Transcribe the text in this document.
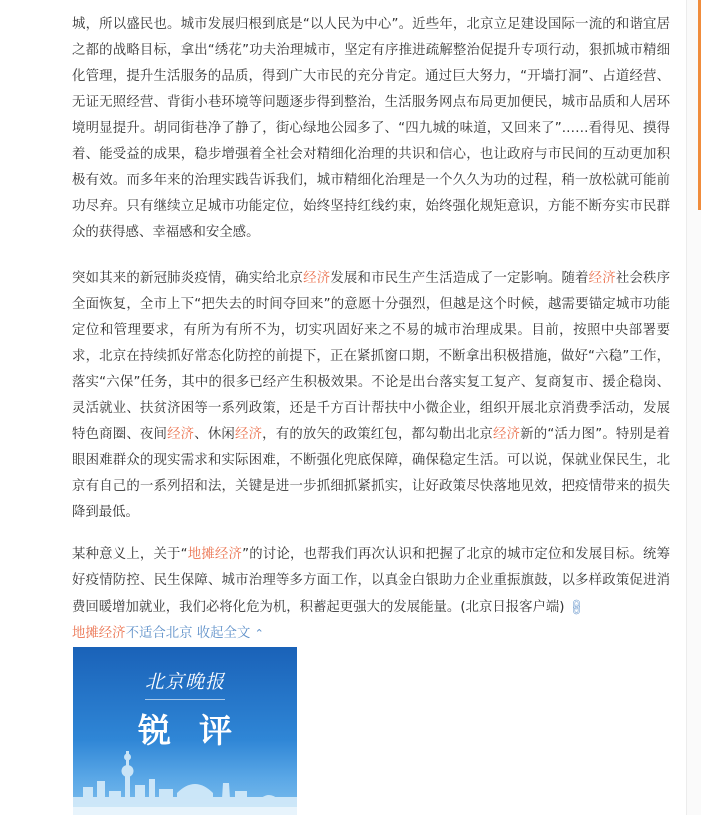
城，所以盛民也。城市发展归根到底是“以人民为中心”。近些年，北京立足建设国际一流的和谐宜居之都的战略目标，拿出“绣花”功夫治理城市，坚定有序推进疏解整治促提升专项行动，狠抓城市精细化管理，提升生活服务的品质，得到广大市民的充分肯定。通过巨大努力，“开墙打洞”、占道经营、无证无照经营、背街小巷环境等问题逐步得到整治，生活服务网点布局更加便民，城市品质和人居环境明显提升。胡同街巷净了静了，街心绿地公园多了、“四九城的味道，又回来了”……看得见、摸得着、能受益的成果，稳步增强着全社会对精细化治理的共识和信心，也让政府与市民间的互动更加积极有效。而多年来的治理实践告诉我们，城市精细化治理是一个久久为功的过程，稍一放松就可能前功尽弃。只有继续立足城市功能定位，始终坚持红线约束，始终强化规矩意识，方能不断夯实市民群众的获得感、幸福感和安全感。

突如其来的新冠肺炎疫情，确实给北京经济发展和市民生产生活造成了一定影响。随着经济社会秩序全面恢复，全市上下“把失去的时间夺回来”的意愿十分强烈，但越是这个时候，越需要锚定城市功能定位和管理要求，有所为有所不为，切实巩固好来之不易的城市治理成果。目前，按照中央部署要求，北京在持续抓好常态化防控的前提下，正在紧抓窗口期，不断拿出积极措施，做好“六稳”工作，落实“六保”任务，其中的很多已经产生积极效果。不论是出台落实复工复产、复商复市、援企稳岗、灵活就业、扶贫济困等一系列政策，还是千方百计帮扶中小微企业，组织开展北京消费季活动，发展特色商圈、夜间经济、休闲经济，有的放矢的政策红包，都勾勒出北京经济新的“活力图”。特别是着眼困难群众的现实需求和实际困难，不断强化兜底保障，确保稳定生活。可以说，保就业保民生，北京有自己的一系列招和法，关键是进一步抓细抓紧抓实，让好政策尽快落地见效，把疫情带来的损失降到最低。

某种意义上，关于“地摊经济”的讨论，也帮我们再次认识和把握了北京的城市定位和发展目标。统筹好疫情防控、民生保障、城市治理等多方面工作，以真金白银助力企业重振旗鼓，以多样政策促进消费回暖增加就业，我们必将化危为机，积蓄起更强大的发展能量。(北京日报客户端) 🔗︎
地摊经济不适合北京 收起全文 ⌃

北京晚报
锐评
